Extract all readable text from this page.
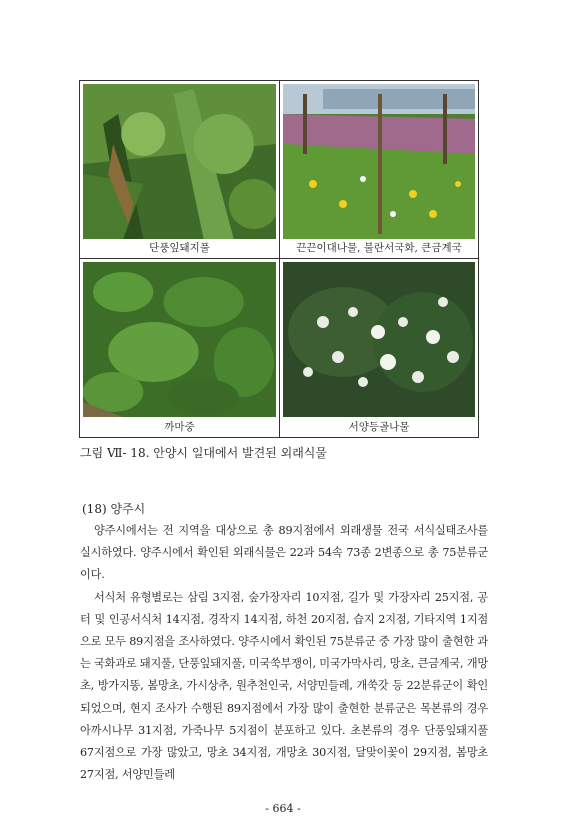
단풍잎돼지풀	끈끈이대나물, 불란서국화, 큰금계국
까마중	서양등골나물
그림 Ⅶ- 18. 안양시 일대에서 발견된 외래식물
(18) 양주시

양주시에서는 전 지역을 대상으로 총 89지점에서 외래생물 전국 서식실태조사를 실시하였다. 양주시에서 확인된 외래식물은 22과 54속 73종 2변종으로 총 75분류군이다.

서식처 유형별로는 삼림 3지점, 숲가장자리 10지점, 길가 및 가장자리 25지점, 공터 및 인공서식처 14지점, 경작지 14지점, 하천 20지점, 습지 2지점, 기타지역 1지점으로 모두 89지점을 조사하였다. 양주시에서 확인된 75분류군 중 가장 많이 출현한 과는 국화과로 돼지풀, 단풍잎돼지풀, 미국쑥부쟁이, 미국가막사리, 망초, 큰금계국, 개망초, 방가지똥, 봄망초, 가시상추, 원추천인국, 서양민들레, 개쑥갓 등 22분류군이 확인되었으며, 현지 조사가 수행된 89지점에서 가장 많이 출현한 분류군은 목본류의 경우 아까시나무 31지점, 가죽나무 5지점이 분포하고 있다. 초본류의 경우 단풍잎돼지풀 67지점으로 가장 많았고, 망초 34지점, 개망초 30지점, 달맞이꽃이 29지점, 봄망초 27지점, 서양민들레

- 664 -
